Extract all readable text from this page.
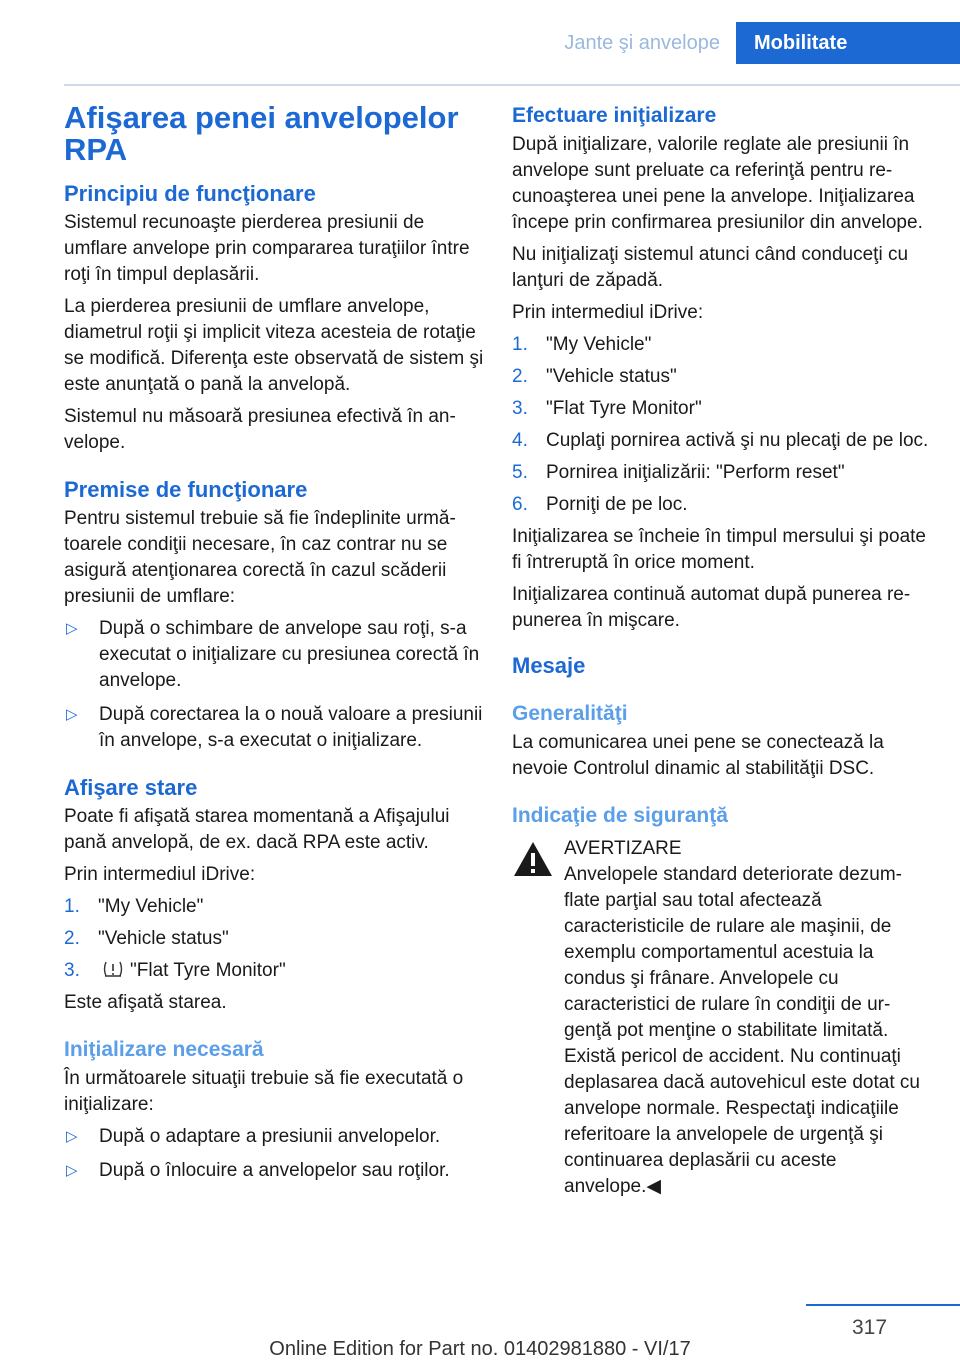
Jante şi anvelope	Mobilitate
Afişarea penei anvelopelor RPA
Principiu de funcţionare

Sistemul recunoaşte pierderea presiunii de umflare anvelope prin compararea turaţiilor între roţi în timpul deplasării.

La pierderea presiunii de umflare anvelope, diametrul roţii şi implicit viteza acesteia de rotaţie se modifică. Diferenţa este observată de sistem şi este anunţată o pană la anvelopă.

Sistemul nu măsoară presiunea efectivă în anvelope.

Premise de funcţionare

Pentru sistemul trebuie să fie îndeplinite următoarele condiţii necesare, în caz contrar nu se asigură atenţionarea corectă în cazul scăderii presiunii de umflare:

▷ După o schimbare de anvelope sau roţi, s-a executat o iniţializare cu presiunea corectă în anvelope.
▷ După corectarea la o nouă valoare a presiunii în anvelope, s-a executat o iniţializare.
Afişare stare

Poate fi afişată starea momentană a Afişajului pană anvelopă, de ex. dacă RPA este activ.

Prin intermediul iDrive:

1. "My Vehicle"
2. "Vehicle status"
3.	"Flat Tyre Monitor"

Este afişată starea.

Iniţializare necesară

În următoarele situaţii trebuie să fie executată o iniţializare:

▷ După o adaptare a presiunii anvelopelor.
▷ După o înlocuire a anvelopelor sau roţilor.
Efectuare iniţializare

După iniţializare, valorile reglate ale presiunii în anvelope sunt preluate ca referinţă pentru recunoaşterea unei pene la anvelope. Iniţializarea începe prin confirmarea presiunilor din anvelope.

Nu iniţializaţi sistemul atunci când conduceţi cu lanţuri de zăpadă.

Prin intermediul iDrive:

1. "My Vehicle"
2. "Vehicle status"
3. "Flat Tyre Monitor"
4. Cuplaţi pornirea activă şi nu plecaţi de pe loc.
5. Pornirea iniţializării: "Perform reset"
6. Porniţi de pe loc.

Iniţializarea se încheie în timpul mersului şi poate fi întreruptă în orice moment.

Iniţializarea continuă automat după punerea repunerea în mişcare.

Mesaje
Generalităţi

La comunicarea unei pene se conectează la nevoie Controlul dinamic al stabilităţii DSC.

Indicaţie de siguranţă
AVERTIZARE
Anvelopele standard deteriorate dezumflate parţial sau total afectează caracteristicile de rulare ale maşinii, de exemplu comportamentul acestuia la condus şi frânare. Anvelopele cu caracteristici de rulare în condiţii de urgenţă pot menţine o stabilitate limitată. Există pericol de accident. Nu continuaţi deplasarea dacă autovehicul este dotat cu anvelope normale. Respectaţi indicaţiile referitoare la anvelopele de urgenţă şi continuarea deplasării cu aceste anvelope.◀
317
Online Edition for Part no. 01402981880 - VI/17
